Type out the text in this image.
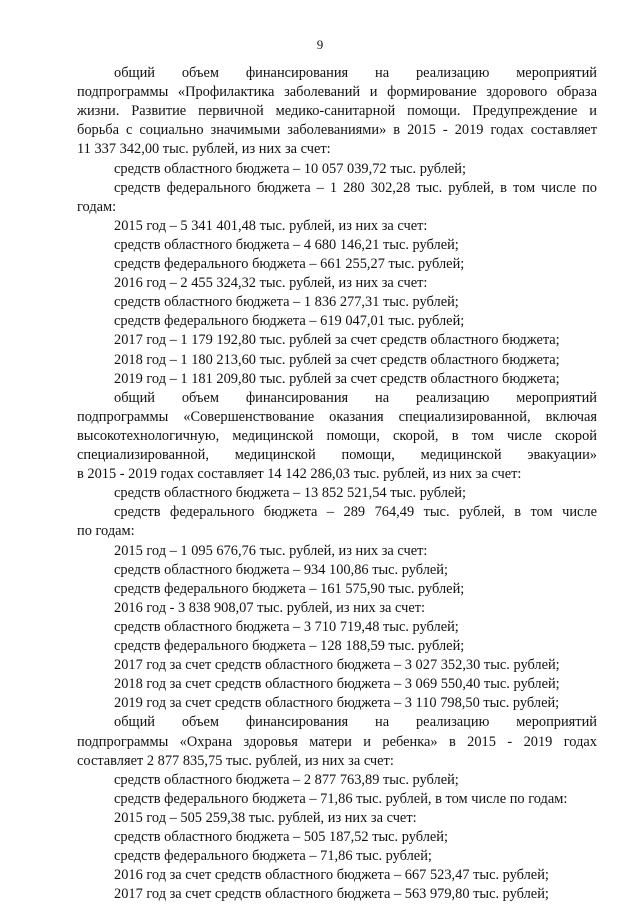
9
общий объем финансирования на реализацию мероприятий
подпрограммы «Профилактика заболеваний и формирование здорового образа
жизни. Развитие первичной медико-санитарной помощи. Предупреждение и
борьба с социально значимыми заболеваниями» в 2015 - 2019 годах составляет
11 337 342,00 тыс. рублей, из них за счет:
средств областного бюджета – 10 057 039,72 тыс. рублей;
средств федерального бюджета – 1 280 302,28 тыс. рублей, в том числе по
годам:
2015 год – 5 341 401,48 тыс. рублей, из них за счет:
средств областного бюджета – 4 680 146,21 тыс. рублей;
средств федерального бюджета – 661 255,27 тыс. рублей;
2016 год – 2 455 324,32 тыс. рублей, из них за счет:
средств областного бюджета – 1 836 277,31 тыс. рублей;
средств федерального бюджета – 619 047,01 тыс. рублей;
2017 год – 1 179 192,80 тыс. рублей за счет средств областного бюджета;
2018 год – 1 180 213,60 тыс. рублей за счет средств областного бюджета;
2019 год – 1 181 209,80 тыс. рублей за счет средств областного бюджета;
общий объем финансирования на реализацию мероприятий
подпрограммы «Совершенствование оказания специализированной, включая
высокотехнологичную, медицинской помощи, скорой, в том числе скорой
специализированной, медицинской помощи, медицинской эвакуации»
в 2015 - 2019 годах составляет 14 142 286,03 тыс. рублей, из них за счет:
средств областного бюджета – 13 852 521,54 тыс. рублей;
средств федерального бюджета – 289 764,49 тыс. рублей, в том числе
по годам:
2015 год – 1 095 676,76 тыс. рублей, из них за счет:
средств областного бюджета – 934 100,86 тыс. рублей;
средств федерального бюджета – 161 575,90 тыс. рублей;
2016 год - 3 838 908,07 тыс. рублей, из них за счет:
средств областного бюджета – 3 710 719,48 тыс. рублей;
средств федерального бюджета – 128 188,59 тыс. рублей;
2017 год за счет средств областного бюджета – 3 027 352,30 тыс. рублей;
2018 год за счет средств областного бюджета – 3 069 550,40 тыс. рублей;
2019 год за счет средств областного бюджета – 3 110 798,50 тыс. рублей;
общий объем финансирования на реализацию мероприятий
подпрограммы «Охрана здоровья матери и ребенка» в 2015 - 2019 годах
составляет 2 877 835,75 тыс. рублей, из них за счет:
средств областного бюджета – 2 877 763,89 тыс. рублей;
средств федерального бюджета – 71,86 тыс. рублей, в том числе по годам:
2015 год – 505 259,38 тыс. рублей, из них за счет:
средств областного бюджета – 505 187,52 тыс. рублей;
средств федерального бюджета – 71,86 тыс. рублей;
2016 год за счет средств областного бюджета – 667 523,47 тыс. рублей;
2017 год за счет средств областного бюджета – 563 979,80 тыс. рублей;
